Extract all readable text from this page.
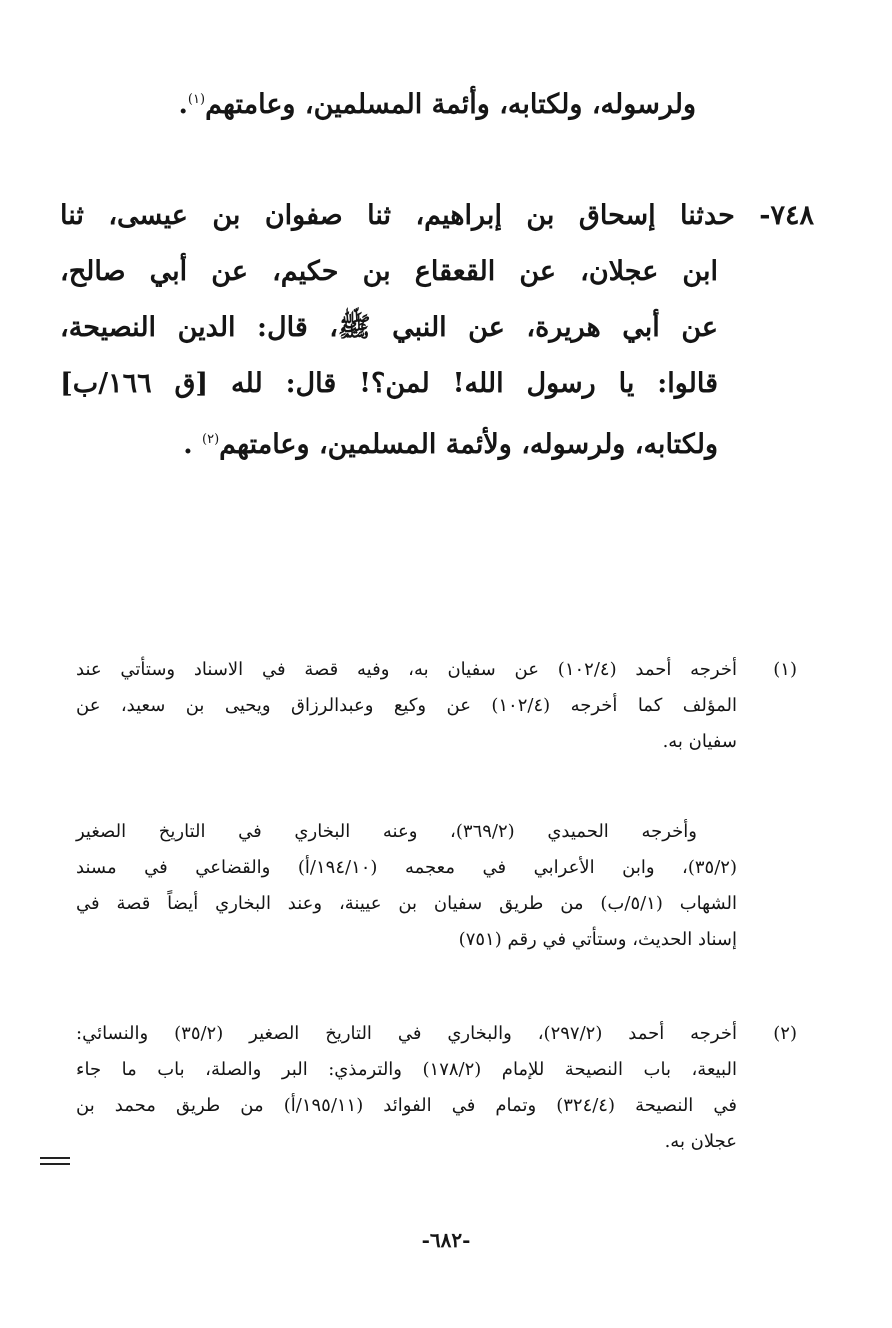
ولرسوله، ولكتابه، وأئمة المسلمين، وعامتهم$^{(١)}$.
٧٤٨- حدثنا إسحاق بن إبراهيم، ثنا صفوان بن عيسى، ثنا
ابن عجلان، عن القعقاع بن حكيم، عن أبي صالح،
عن أبي هريرة، عن النبي ﷺ، قال: الدين النصيحة،
قالوا: يا رسول الله! لمن؟! قال: لله [ق ١٦٦/ب]
ولكتابه، ولرسوله، ولأئمة المسلمين، وعامتهم$^{(٢)}$ .
(١)
أخرجه أحمد (١٠٢/٤) عن سفيان به، وفيه قصة في الاسناد وستأتي عند
المؤلف كما أخرجه (١٠٢/٤) عن وكيع وعبدالرزاق ويحيى بن سعيد، عن
سفيان به.
وأخرجه الحميدي (٣٦٩/٢)، وعنه البخاري في التاريخ الصغير
(٣٥/٢)، وابن الأعرابي في معجمه (١٩٤/١٠/أ) والقضاعي في مسند
الشهاب (٥/١/ب) من طريق سفيان بن عيينة، وعند البخاري أيضاً قصة في
إسناد الحديث، وستأتي في رقم (٧٥١)
(٢)
أخرجه أحمد (٢٩٧/٢)، والبخاري في التاريخ الصغير (٣٥/٢) والنسائي:
البيعة، باب النصيحة للإمام (١٧٨/٢) والترمذي: البر والصلة، باب ما جاء
في النصيحة (٣٢٤/٤) وتمام في الفوائد (١٩٥/١١/أ) من طريق محمد بن
عجلان به.
-٦٨٢-
